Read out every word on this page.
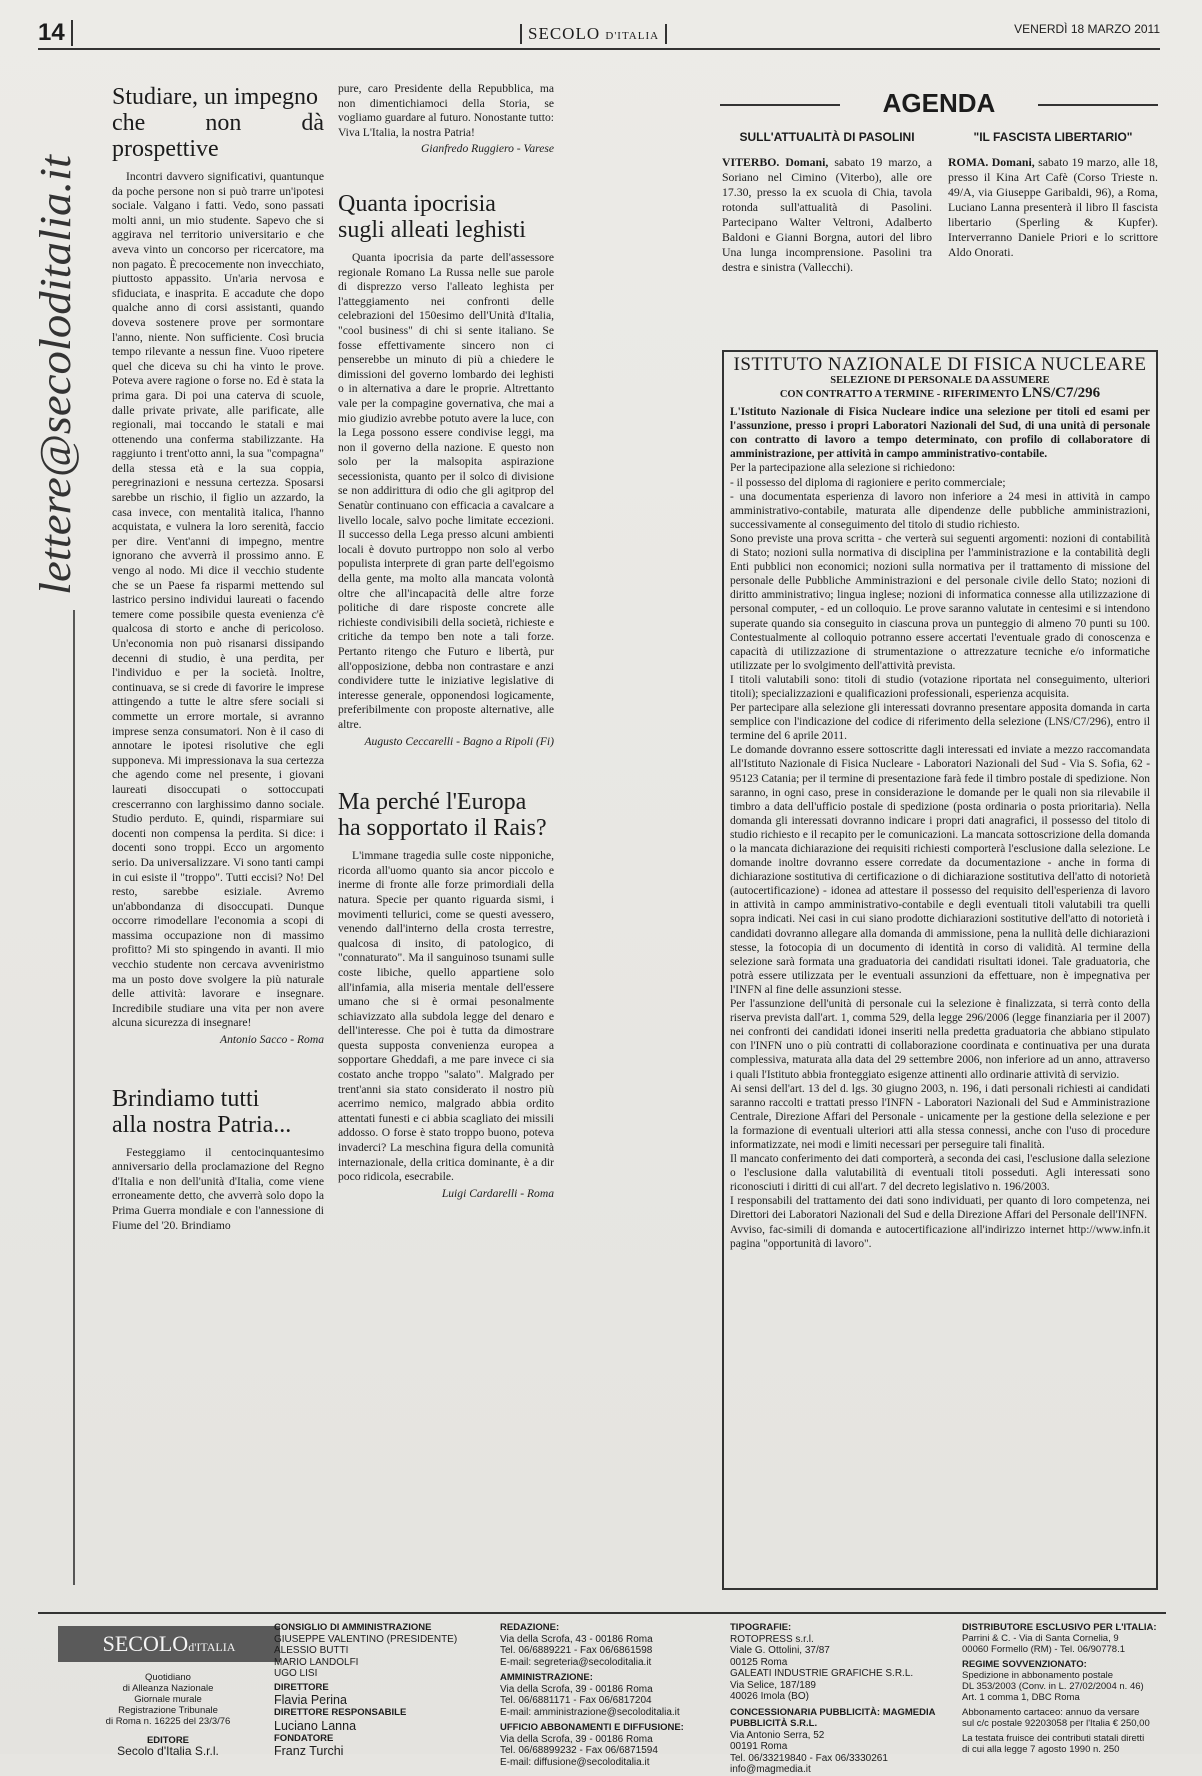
14	SECOLO D'ITALIA	VENERDÌ 18 MARZO 2011
lettere@secoloditalia.it
Studiare, un impegno
che non dà prospettive

Incontri davvero significativi, quantunque da poche persone non si può trarre un'ipotesi sociale. Valgano i fatti. Vedo, sono passati molti anni, un mio studente. Sapevo che si aggirava nel territorio universitario e che aveva vinto un concorso per ricercatore, ma non pagato. È precocemente non invecchiato, piuttosto appassito. Un'aria nervosa e sfiduciata, e inasprita. E accadute che dopo qualche anno di corsi assistanti, quando doveva sostenere prove per sormontare l'anno, niente. Non sufficiente. Così brucia tempo rilevante a nessun fine. Vuoo ripetere quel che diceva su chi ha vinto le prove. Poteva avere ragione o forse no. Ed è stata la prima gara. Di poi una caterva di scuole, dalle private private, alle parificate, alle regionali, mai toccando le statali e mai ottenendo una conferma stabilizzante. Ha raggiunto i trent'otto anni, la sua "compagna" della stessa età e la sua coppia, peregrinazioni e nessuna certezza. Sposarsi sarebbe un rischio, il figlio un azzardo, la casa invece, con mentalità italica, l'hanno acquistata, e vulnera la loro serenità, faccio per dire. Vent'anni di impegno, mentre ignorano che avverrà il prossimo anno. E vengo al nodo. Mi dice il vecchio studente che se un Paese fa risparmi mettendo sul lastrico persino individui laureati o facendo temere come possibile questa evenienza c'è qualcosa di storto e anche di pericoloso. Un'economia non può risanarsi dissipando decenni di studio, è una perdita, per l'individuo e per la società. Inoltre, continuava, se si crede di favorire le imprese attingendo a tutte le altre sfere sociali si commette un errore mortale, si avranno imprese senza consumatori. Non è il caso di annotare le ipotesi risolutive che egli supponeva. Mi impressionava la sua certezza che agendo come nel presente, i giovani laureati disoccupati o sottoccupati crescerranno con larghissimo danno sociale. Studio perduto. E, quindi, risparmiare sui docenti non compensa la perdita. Si dice: i docenti sono troppi. Ecco un argomento serio. Da universalizzare. Vi sono tanti campi in cui esiste il "troppo". Tutti eccisi? No! Del resto, sarebbe esiziale. Avremo un'abbondanza di disoccupati. Dunque occorre rimodellare l'economia a scopi di massima occupazione non di massimo profitto? Mi sto spingendo in avanti. Il mio vecchio studente non cercava avveniristmo ma un posto dove svolgere la più naturale delle attività: lavorare e insegnare. Incredibile studiare una vita per non avere alcuna sicurezza di insegnare!

Antonio Sacco - Roma
Brindiamo tutti
alla nostra Patria...

Festeggiamo il centocinquantesimo anniversario della proclamazione del Regno d'Italia e non dell'unità d'Italia, come viene erroneamente detto, che avverrà solo dopo la Prima Guerra mondiale e con l'annessione di Fiume del '20. Brindiamo

pure, caro Presidente della Repubblica, ma non dimentichiamoci della Storia, se vogliamo guardare al futuro. Nonostante tutto: Viva L'Italia, la nostra Patria!

Gianfredo Ruggiero - Varese
Quanta ipocrisia
sugli alleati leghisti

Quanta ipocrisia da parte dell'assessore regionale Romano La Russa nelle sue parole di disprezzo verso l'alleato leghista per l'atteggiamento nei confronti delle celebrazioni del 150esimo dell'Unità d'Italia, "cool business" di chi si sente italiano. Se fosse effettivamente sincero non ci penserebbe un minuto di più a chiedere le dimissioni del governo lombardo dei leghisti o in alternativa a dare le proprie. Altrettanto vale per la compagine governativa, che mai a mio giudizio avrebbe potuto avere la luce, con la Lega possono essere condivise leggi, ma non il governo della nazione. E questo non solo per la malsopita aspirazione secessionista, quanto per il solco di divisione se non addirittura di odio che gli agitprop del Senatùr continuano con efficacia a cavalcare a livello locale, salvo poche limitate eccezioni. Il successo della Lega presso alcuni ambienti locali è dovuto purtroppo non solo al verbo populista interprete di gran parte dell'egoismo della gente, ma molto alla mancata volontà oltre che all'incapacità delle altre forze politiche di dare risposte concrete alle richieste condivisibili della società, richieste e critiche da tempo ben note a tali forze. Pertanto ritengo che Futuro e libertà, pur all'opposizione, debba non contrastare e anzi condividere tutte le iniziative legislative di interesse generale, opponendosi logicamente, preferibilmente con proposte alternative, alle altre.

Augusto Ceccarelli - Bagno a Ripoli (Fi)
Ma perché l'Europa
ha sopportato il Rais?

L'immane tragedia sulle coste nipponiche, ricorda all'uomo quanto sia ancor piccolo e inerme di fronte alle forze primordiali della natura. Specie per quanto riguarda sismi, i movimenti tellurici, come se questi avessero, venendo dall'interno della crosta terrestre, qualcosa di insito, di patologico, di "connaturato". Ma il sanguinoso tsunami sulle coste libiche, quello appartiene solo all'infamia, alla miseria mentale dell'essere umano che si è ormai pesonalmente schiavizzato alla subdola legge del denaro e dell'interesse. Che poi è tutta da dimostrare questa supposta convenienza europea a sopportare Gheddafi, a me pare invece ci sia costato anche troppo "salato". Malgrado per trent'anni sia stato considerato il nostro più acerrimo nemico, malgrado abbia ordito attentati funesti e ci abbia scagliato dei missili addosso. O forse è stato troppo buono, poteva invaderci? La meschina figura della comunità internazionale, della critica dominante, è a dir poco ridicola, esecrabile.

Luigi Cardarelli - Roma
AGENDA
SULL'ATTUALITÀ DI PASOLINI
VITERBO. Domani, sabato 19 marzo, a Soriano nel Cimino (Viterbo), alle ore 17.30, presso la ex scuola di Chia, tavola rotonda sull'attualità di Pasolini. Partecipano Walter Veltroni, Adalberto Baldoni e Gianni Borgna, autori del libro Una lunga incomprensione. Pasolini tra destra e sinistra (Vallecchi).
"IL FASCISTA LIBERTARIO"
ROMA. Domani, sabato 19 marzo, alle 18, presso il Kina Art Cafè (Corso Trieste n. 49/A, via Giuseppe Garibaldi, 96), a Roma, Luciano Lanna presenterà il libro Il fascista libertario (Sperling & Kupfer). Interverranno Daniele Priori e lo scrittore Aldo Onorati.
ISTITUTO NAZIONALE DI FISICA NUCLEARE
SELEZIONE DI PERSONALE DA ASSUMERE
CON CONTRATTO A TERMINE - RIFERIMENTO LNS/C7/296

L'Istituto Nazionale di Fisica Nucleare indice una selezione per titoli ed esami per l'assunzione, presso i propri Laboratori Nazionali del Sud, di una unità di personale con contratto di lavoro a tempo determinato, con profilo di collaboratore di amministrazione, per attività in campo amministrativo-contabile.

Per la partecipazione alla selezione si richiedono:

- il possesso del diploma di ragioniere e perito commerciale;

- una documentata esperienza di lavoro non inferiore a 24 mesi in attività in campo amministrativo-contabile, maturata alle dipendenze delle pubbliche amministrazioni, successivamente al conseguimento del titolo di studio richiesto.

Sono previste una prova scritta - che verterà sui seguenti argomenti: nozioni di contabilità di Stato; nozioni sulla normativa di disciplina per l'amministrazione e la contabilità degli Enti pubblici non economici; nozioni sulla normativa per il trattamento di missione del personale delle Pubbliche Amministrazioni e del personale civile dello Stato; nozioni di diritto amministrativo; lingua inglese; nozioni di informatica connesse alla utilizzazione di personal computer, - ed un colloquio. Le prove saranno valutate in centesimi e si intendono superate quando sia conseguito in ciascuna prova un punteggio di almeno 70 punti su 100. Contestualmente al colloquio potranno essere accertati l'eventuale grado di conoscenza e capacità di utilizzazione di strumentazione o attrezzature tecniche e/o informatiche utilizzate per lo svolgimento dell'attività prevista.

I titoli valutabili sono: titoli di studio (votazione riportata nel conseguimento, ulteriori titoli); specializzazioni e qualificazioni professionali, esperienza acquisita.

Per partecipare alla selezione gli interessati dovranno presentare apposita domanda in carta semplice con l'indicazione del codice di riferimento della selezione (LNS/C7/296), entro il termine del 6 aprile 2011.

Le domande dovranno essere sottoscritte dagli interessati ed inviate a mezzo raccomandata all'Istituto Nazionale di Fisica Nucleare - Laboratori Nazionali del Sud - Via S. Sofia, 62 - 95123 Catania; per il termine di presentazione farà fede il timbro postale di spedizione. Non saranno, in ogni caso, prese in considerazione le domande per le quali non sia rilevabile il timbro a data dell'ufficio postale di spedizione (posta ordinaria o posta prioritaria). Nella domanda gli interessati dovranno indicare i propri dati anagrafici, il possesso del titolo di studio richiesto e il recapito per le comunicazioni. La mancata sottoscrizione della domanda o la mancata dichiarazione dei requisiti richiesti comporterà l'esclusione dalla selezione. Le domande inoltre dovranno essere corredate da documentazione - anche in forma di dichiarazione sostitutiva di certificazione o di dichiarazione sostitutiva dell'atto di notorietà (autocertificazione) - idonea ad attestare il possesso del requisito dell'esperienza di lavoro in attività in campo amministrativo-contabile e degli eventuali titoli valutabili tra quelli sopra indicati. Nei casi in cui siano prodotte dichiarazioni sostitutive dell'atto di notorietà i candidati dovranno allegare alla domanda di ammissione, pena la nullità delle dichiarazioni stesse, la fotocopia di un documento di identità in corso di validità. Al termine della selezione sarà formata una graduatoria dei candidati risultati idonei. Tale graduatoria, che potrà essere utilizzata per le eventuali assunzioni da effettuare, non è impegnativa per l'INFN al fine delle assunzioni stesse.

Per l'assunzione dell'unità di personale cui la selezione è finalizzata, si terrà conto della riserva prevista dall'art. 1, comma 529, della legge 296/2006 (legge finanziaria per il 2007) nei confronti dei candidati idonei inseriti nella predetta graduatoria che abbiano stipulato con l'INFN uno o più contratti di collaborazione coordinata e continuativa per una durata complessiva, maturata alla data del 29 settembre 2006, non inferiore ad un anno, attraverso i quali l'Istituto abbia fronteggiato esigenze attinenti allo ordinarie attività di servizio.

Ai sensi dell'art. 13 del d. lgs. 30 giugno 2003, n. 196, i dati personali richiesti ai candidati saranno raccolti e trattati presso l'INFN - Laboratori Nazionali del Sud e Amministrazione Centrale, Direzione Affari del Personale - unicamente per la gestione della selezione e per la formazione di eventuali ulteriori atti alla stessa connessi, anche con l'uso di procedure informatizzate, nei modi e limiti necessari per perseguire tali finalità.

Il mancato conferimento dei dati comporterà, a seconda dei casi, l'esclusione dalla selezione o l'esclusione dalla valutabilità di eventuali titoli posseduti. Agli interessati sono riconosciuti i diritti di cui all'art. 7 del decreto legislativo n. 196/2003.

I responsabili del trattamento dei dati sono individuati, per quanto di loro competenza, nei Direttori dei Laboratori Nazionali del Sud e della Direzione Affari del Personale dell'INFN.

Avviso, fac-simili di domanda e autocertificazione all'indirizzo internet http://www.infn.it pagina "opportunità di lavoro".

SECOLOd'ITALIA
Quotidiano
di Alleanza Nazionale
Giornale murale
Registrazione Tribunale
di Roma n. 16225 del 23/3/76
EDITORE
Secolo d'Italia S.r.l.
CONSIGLIO DI AMMINISTRAZIONE
GIUSEPPE VALENTINO (PRESIDENTE)
ALESSIO BUTTI
MARIO LANDOLFI
UGO LISI
DIRETTORE
Flavia Perina
DIRETTORE RESPONSABILE
Luciano Lanna
FONDATORE
Franz Turchi
REDAZIONE:
Via della Scrofa, 43 - 00186 Roma
Tel. 06/6889221 - Fax 06/6861598
E-mail: segreteria@secoloditalia.it
AMMINISTRAZIONE:
Via della Scrofa, 39 - 00186 Roma
Tel. 06/6881171 - Fax 06/6817204
E-mail: amministrazione@secoloditalia.it
UFFICIO ABBONAMENTI E DIFFUSIONE:
Via della Scrofa, 39 - 00186 Roma
Tel. 06/68899232 - Fax 06/6871594
E-mail: diffusione@secoloditalia.it
TIPOGRAFIE:
ROTOPRESS s.r.l.
Viale G. Ottolini, 37/87
00125 Roma
GALEATI INDUSTRIE GRAFICHE S.R.L.
Via Selice, 187/189
40026 Imola (BO)
CONCESSIONARIA PUBBLICITÀ: MAGMEDIA PUBBLICITÀ S.R.L.
Via Antonio Serra, 52
00191 Roma
Tel. 06/33219840 - Fax 06/3330261
info@magmedia.it
DISTRIBUTORE ESCLUSIVO PER L'ITALIA:
Parrini & C. - Via di Santa Cornelia, 9
00060 Formello (RM) - Tel. 06/90778.1
REGIME SOVVENZIONATO:
Spedizione in abbonamento postale
DL 353/2003 (Conv. in L. 27/02/2004 n. 46)
Art. 1 comma 1, DBC Roma
Abbonamento cartaceo: annuo da versare
sul c/c postale 92203058 per l'Italia € 250,00
La testata fruisce dei contributi statali diretti
di cui alla legge 7 agosto 1990 n. 250
